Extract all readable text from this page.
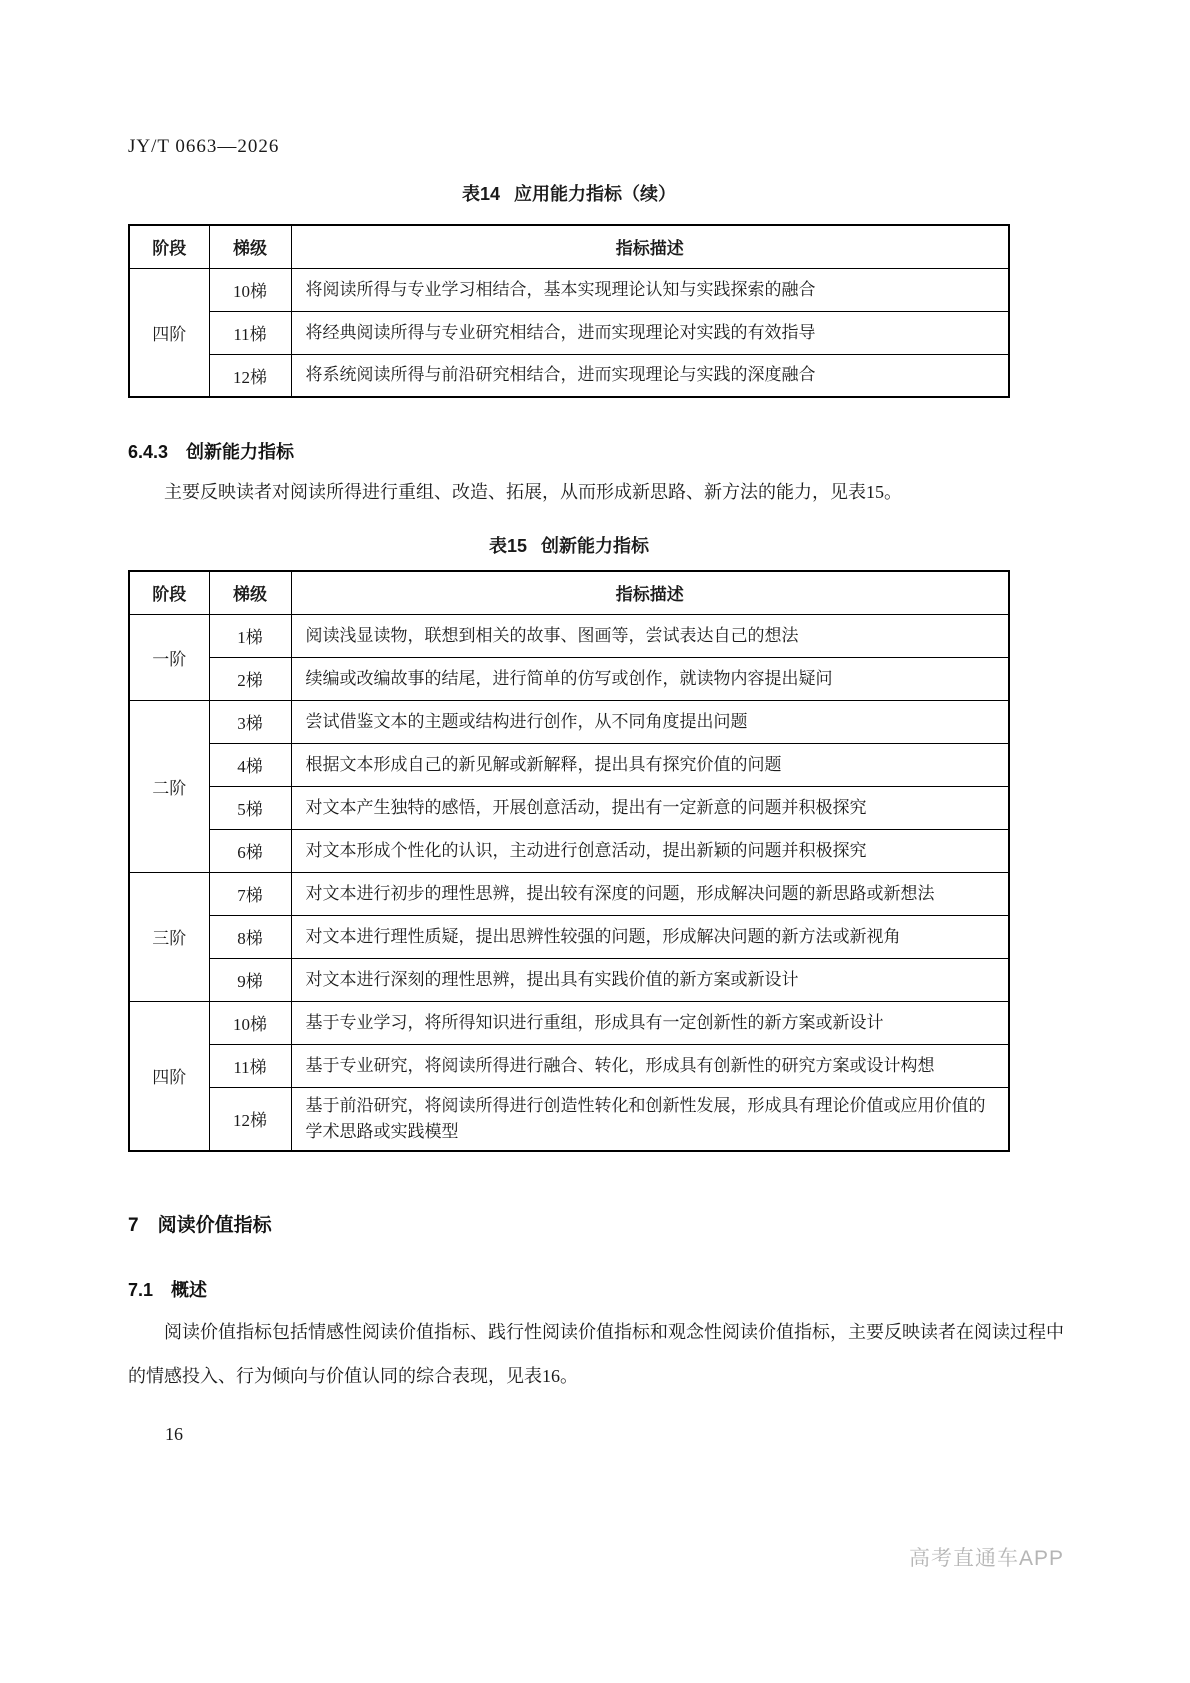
JY/T 0663—2026
表14 应用能力指标（续）
阶段	梯级	指标描述
四阶	10梯	将阅读所得与专业学习相结合，基本实现理论认知与实践探索的融合
	11梯	将经典阅读所得与专业研究相结合，进而实现理论对实践的有效指导
	12梯	将系统阅读所得与前沿研究相结合，进而实现理论与实践的深度融合
6.4.3　创新能力指标
主要反映读者对阅读所得进行重组、改造、拓展，从而形成新思路、新方法的能力，见表15。
表15 创新能力指标
阶段	梯级	指标描述
一阶	1梯	阅读浅显读物，联想到相关的故事、图画等，尝试表达自己的想法
	2梯	续编或改编故事的结尾，进行简单的仿写或创作，就读物内容提出疑问
二阶	3梯	尝试借鉴文本的主题或结构进行创作，从不同角度提出问题
	4梯	根据文本形成自己的新见解或新解释，提出具有探究价值的问题
	5梯	对文本产生独特的感悟，开展创意活动，提出有一定新意的问题并积极探究
	6梯	对文本形成个性化的认识，主动进行创意活动，提出新颖的问题并积极探究
三阶	7梯	对文本进行初步的理性思辨，提出较有深度的问题，形成解决问题的新思路或新想法
	8梯	对文本进行理性质疑，提出思辨性较强的问题，形成解决问题的新方法或新视角
	9梯	对文本进行深刻的理性思辨，提出具有实践价值的新方案或新设计
四阶	10梯	基于专业学习，将所得知识进行重组，形成具有一定创新性的新方案或新设计
	11梯	基于专业研究，将阅读所得进行融合、转化，形成具有创新性的研究方案或设计构想
	12梯	基于前沿研究，将阅读所得进行创造性转化和创新性发展，形成具有理论价值或应用价值的学术思路或实践模型
7　阅读价值指标
7.1　概述
阅读价值指标包括情感性阅读价值指标、践行性阅读价值指标和观念性阅读价值指标，主要反映读者在阅读过程中的情感投入、行为倾向与价值认同的综合表现，见表16。
16
高考直通车APP
